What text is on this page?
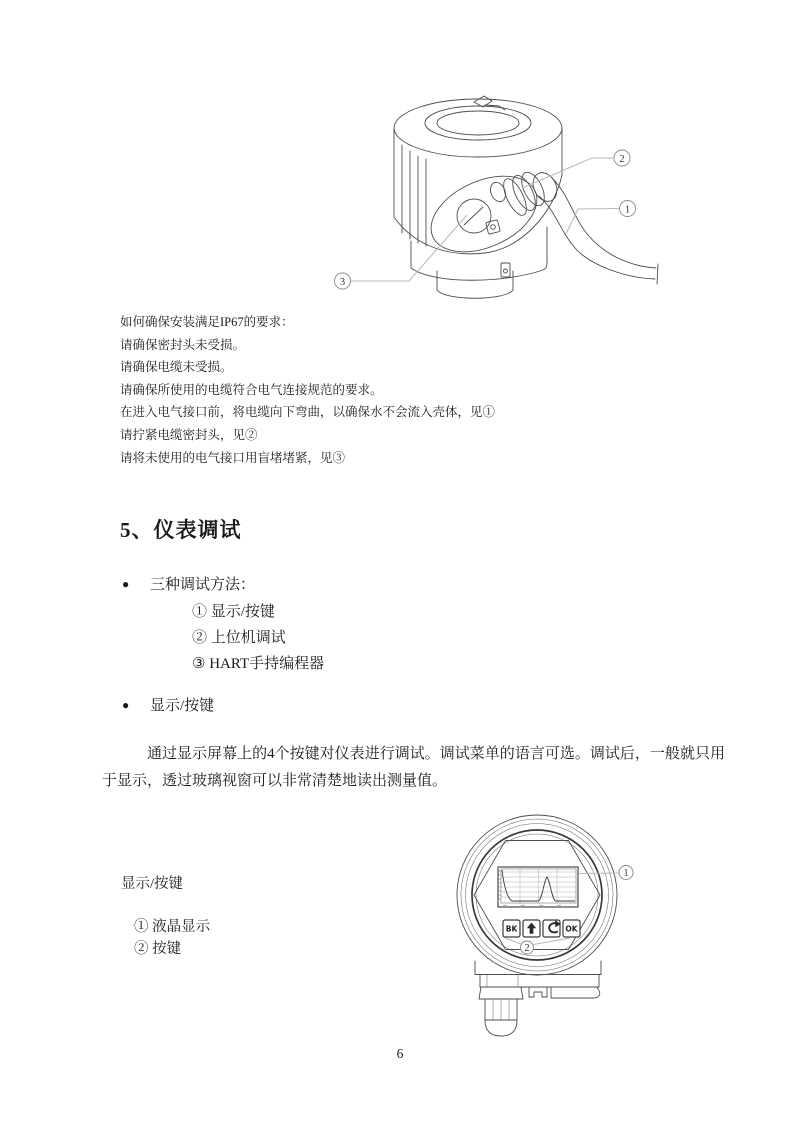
2
1
3
如何确保安装满足IP67的要求：
请确保密封头未受损。
请确保电缆未受损。
请确保所使用的电缆符合电气连接规范的要求。
在进入电气接口前，将电缆向下弯曲，以确保水不会流入壳体，见①
请拧紧电缆密封头，见②
请将未使用的电气接口用盲堵堵紧，见③
5、仪表调试
● 三种调试方法：
① 显示/按键
② 上位机调试
③ HART手持编程器
● 显示/按键

通过显示屏幕上的4个按键对仪表进行调试。调试菜单的语言可选。调试后，一般就只用于显示，透过玻璃视窗可以非常清楚地读出测量值。

1
BK	OK
2
显示/按键
① 液晶显示
② 按键
6
